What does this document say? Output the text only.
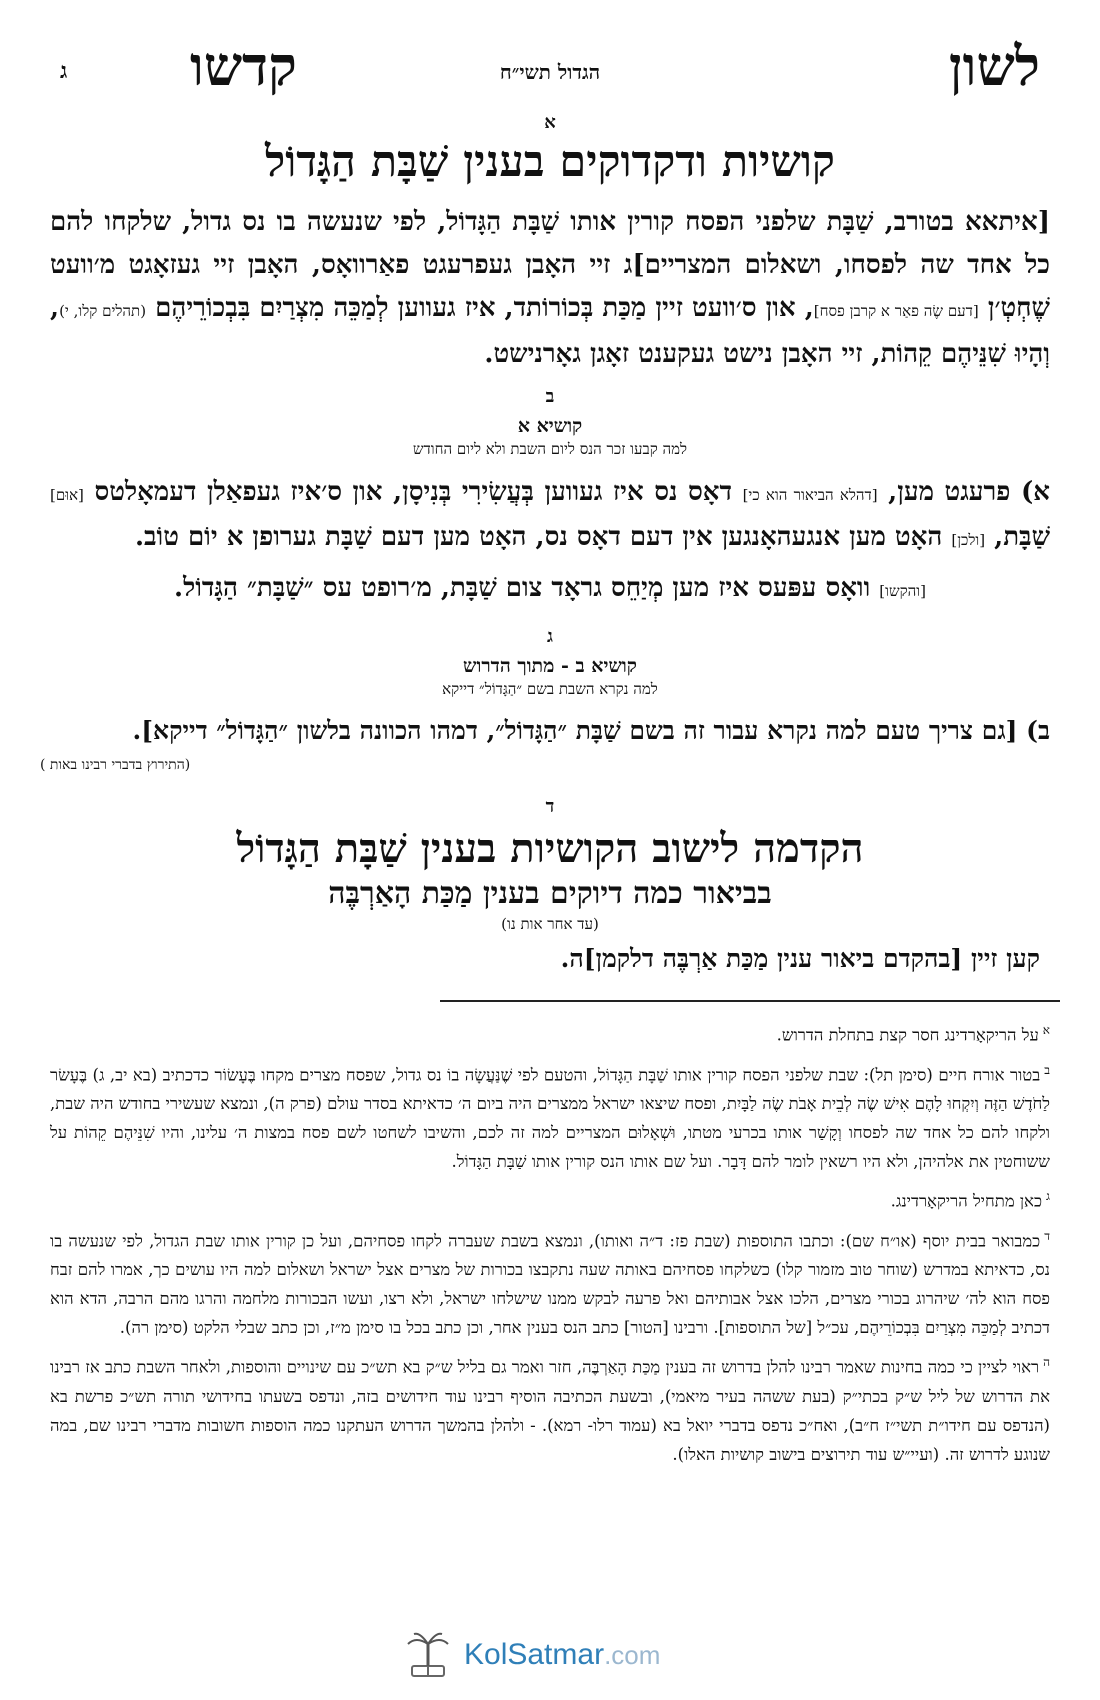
לשון
הגדול תשי״ח
קדשו
ג
א
קושיות ודקדוקים בענין שַׁבָּת הַגָּדוֹל

[איתאא בטורב, שַׁבָּת שלפני הפסח קורין אותו שַׁבָּת הַגָּדוֹל, לפי שנעשה בו נס גדול, שלקחו להם כל אחד שה לפסחו, ושאלום המצריים]ג זיי האָבן געפרעגט פאַרוואָס, האָבן זיי געזאָגט מ׳וועט שֶׁחְטְ׳ן [דעם שֶׂה פאַר א קרבן פסח], און ס׳וועט זיין מַכַּת בְּכוֹרוֹתד, איז געווען לְמַכֵּה מִצְרַיִם בִּבְכוֹרֵיהֶם (תהלים קלו, י), וְהָיוּ שִׁנֵּיהֶם קֵהוֹת, זיי האָבן נישט געקענט זאָגן גאָרנישט.

ב
קושיא א
למה קבעו זכר הנס ליום השבת ולא ליום החודש

א) פרעגט מען, [דהלא הביאור הוא כי] דאָס נס איז געווען בְּעֲשִׂירִי בְּנִיסָן, און ס׳איז געפאַלן דעמאָלטס [אוּם] שַׁבָּת, [ולכן] האָט מען אנגעהאָנגען אין דעם דאָס נס, האָט מען דעם שַׁבָּת גערופן א יוֹם טוֹב.

[והקשו] וואָס עפּעס איז מען מְיַחֵס גראָד צום שַׁבָּת, מ׳רופט עס ״שַׁבָּת״ הַגָּדוֹל.

ג
קושיא ב - מתוך הדרוש
למה נקרא השבת בשם ״הַגָּדוֹל״ דייקא

ב) [גם צריך טעם למה נקרא עבור זה בשם שַׁבָּת ״הַגָּדוֹל״, דמהו הכוונה בלשון ״הַגָּדוֹל״ דייקא].

(התירוץ בדברי רבינו באות )
ד
הקדמה לישוב הקושיות בענין שַׁבָּת הַגָּדוֹל
בביאור כמה דיוקים בענין מַכַּת הָאַרְבֶּה
(עד אחר אות נו)

קען זיין [בהקדם ביאור ענין מַכַּת אַרְבֶּה דלקמן]ה.

$^א$על הריקאָרדינג חסר קצת בתחלת הדרוש.

$^ב$בטור אורח חיים (סימן תל): שבת שלפני הפסח קורין אותו שַׁבָּת הַגָּדוֹל, והטעם לפי שֶׁנַּעֲשָׂה בוֹ נס גדול, שפסח מצרים מקחו בֶּעָשׂוֹר כדכתיב (בא יב, ג) בֶּעָשׂר לַחֹדֶשׁ הַזֶּה וְיִקְחוּ לָהֶם אִישׁ שֶׂה לְבֵית אָבֹת שֶׂה לַבָּיִת, ופסח שיצאו ישראל ממצרים היה ביום ה׳ כדאיתא בסדר עולם (פרק ה), ונמצא שעשירי בחודש היה שבת, ולקחו להם כל אחד שה לפסחו וְקָשַׁר אותו בכרעי מטתו, וּשְׁאָלוּם המצריים למה זה לכם, והשיבו לשחטו לשם פסח במצות ה׳ עלינו, והיו שִׁנֵּיהֶם קֵהוֹת על ששוחטין את אלהיהן, ולא היו רשאין לומר להם דָּבָר. ועל שם אותו הנס קורין אותו שַׁבָּת הַגָּדוֹל.

$^ג$כאן מתחיל הריקאָרדינג.

$^ד$כמבואר בבית יוסף (או״ח שם): וכתבו התוספות (שבת פז: ד״ה ואותו), ונמצא בשבת שעברה לקחו פסחיהם, ועל כן קורין אותו שבת הגדול, לפי שנעשה בו נס, כדאיתא במדרש (שוחר טוב מזמור קלו) כשלקחו פסחיהם באותה שעה נתקבצו בכורות של מצרים אצל ישראל ושאלום למה היו עושים כך, אמרו להם זבח פסח הוא לה׳ שיהרוג בכורי מצרים, הלכו אצל אבותיהם ואל פרעה לבקש ממנו שישלחו ישראל, ולא רצו, ועשו הבכורות מלחמה והרגו מהם הרבה, הדא הוא דכתיב לְמַכֵּה מִצְרַיִם בִּבְכוֹרֵיהֶם, עכ״ל [של התוספות]. ורבינו [הטור] כתב הנס בענין אחר, וכן כתב בכל בו סימן מ״ז, וכן כתב שבלי הלקט (סימן רה).

$^ה$ראוי לציין כי כמה בחינות שאמר רבינו להלן בדרוש זה בענין מַכַּת הָאַרְבֶּה, חזר ואמר גם בליל ש״ק בא תש״כ עם שינויים והוספות, ולאחר השבת כתב אז רבינו את הדרוש של ליל ש״ק בכתי״ק (בעת ששהה בעיר מיאמי), ובשעת הכתיבה הוסיף רבינו עוד חידושים בזה, ונדפס בשעתו בחידושי תורה תש״כ פרשת בא (הנדפס עם חידו״ת תשי״ז ח״ב), ואח״כ נדפס בדברי יואל בא (עמוד רלו- רמא). - ולהלן בהמשך הדרוש העתקנו כמה הוספות חשובות מדברי רבינו שם, במה שנוגע לדרוש זה. (ועיי״ש עוד תירוצים בישוב קושיות האלו).

KolSatmar.com
